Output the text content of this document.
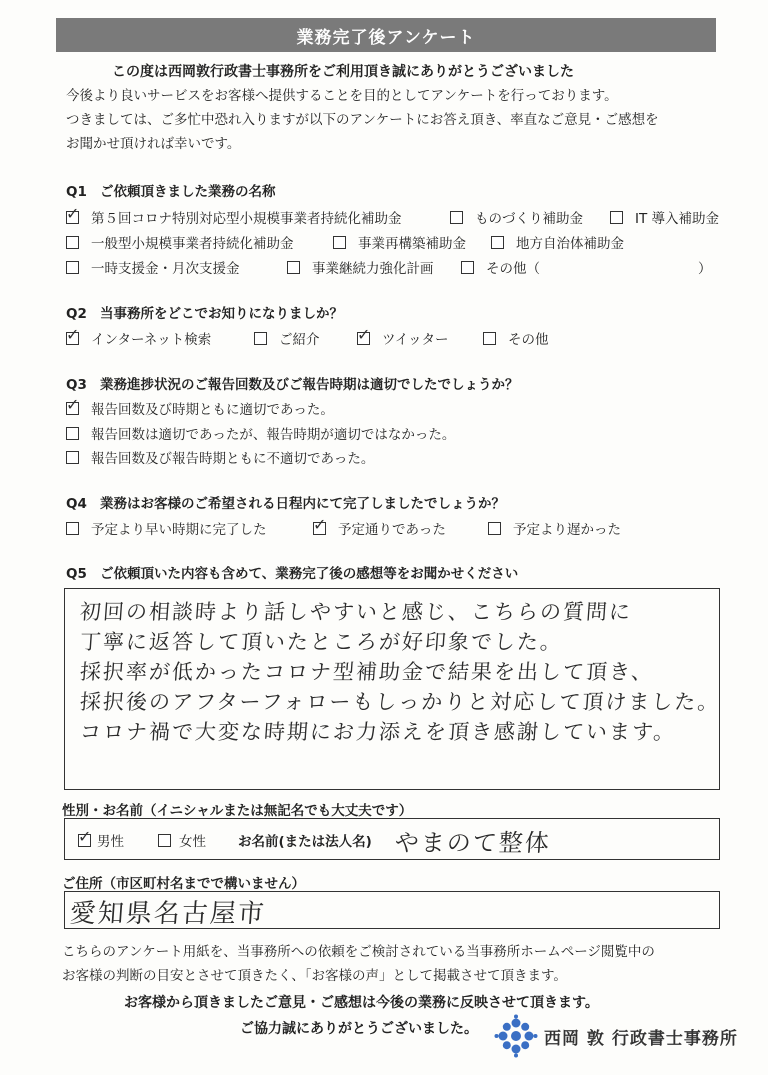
業務完了後アンケート
この度は西岡敦行政書士事務所をご利用頂き誠にありがとうございました
今後より良いサービスをお客様へ提供することを目的としてアンケートを行っております。
つきましては、ご多忙中恐れ入りますが以下のアンケートにお答え頂き、率直なご意見・ご感想を
お聞かせ頂ければ幸いです。
Q1 ご依頼頂きました業務の名称
✓ 第５回コロナ特別対応型小規模事業者持続化補助金	ものづくり補助金	IT 導入補助金
一般型小規模事業者持続化補助金	事業再構築補助金	地方自治体補助金
一時支援金・月次支援金	事業継続力強化計画	その他（	）
Q2 当事務所をどこでお知りになりましか？
✓ インターネット検索	ご紹介 ✓ ツイッター	その他
Q3 業務進捗状況のご報告回数及びご報告時期は適切でしたでしょうか？
✓ 報告回数及び時期ともに適切であった。
報告回数は適切であったが、報告時期が適切ではなかった。
報告回数及び報告時期ともに不適切であった。
Q4 業務はお客様のご希望される日程内にて完了しましたでしょうか？
予定より早い時期に完了した	✓ 予定通りであった	予定より遅かった
Q5 ご依頼頂いた内容も含めて、業務完了後の感想等をお聞かせください
初回の相談時より話しやすいと感じ、こちらの質問に
丁寧に返答して頂いたところが好印象でした。
採択率が低かったコロナ型補助金で結果を出して頂き、
採択後のアフターフォローもしっかりと対応して頂けました。
コロナ禍で大変な時期にお力添えを頂き感謝しています。
性別・お名前（イニシャルまたは無記名でも大丈夫です）
✓ 男性	女性 お名前(または法人名) やまのて整体
ご住所（市区町村名までで構いません）
愛知県名古屋市
こちらのアンケート用紙を、当事務所への依頼をご検討されている当事務所ホームページ閲覧中の
お客様の判断の目安とさせて頂きたく、「お客様の声」として掲載させて頂きます。
お客様から頂きましたご意見・ご感想は今後の業務に反映させて頂きます。
ご協力誠にありがとうございました。	西岡 敦 行政書士事務所
